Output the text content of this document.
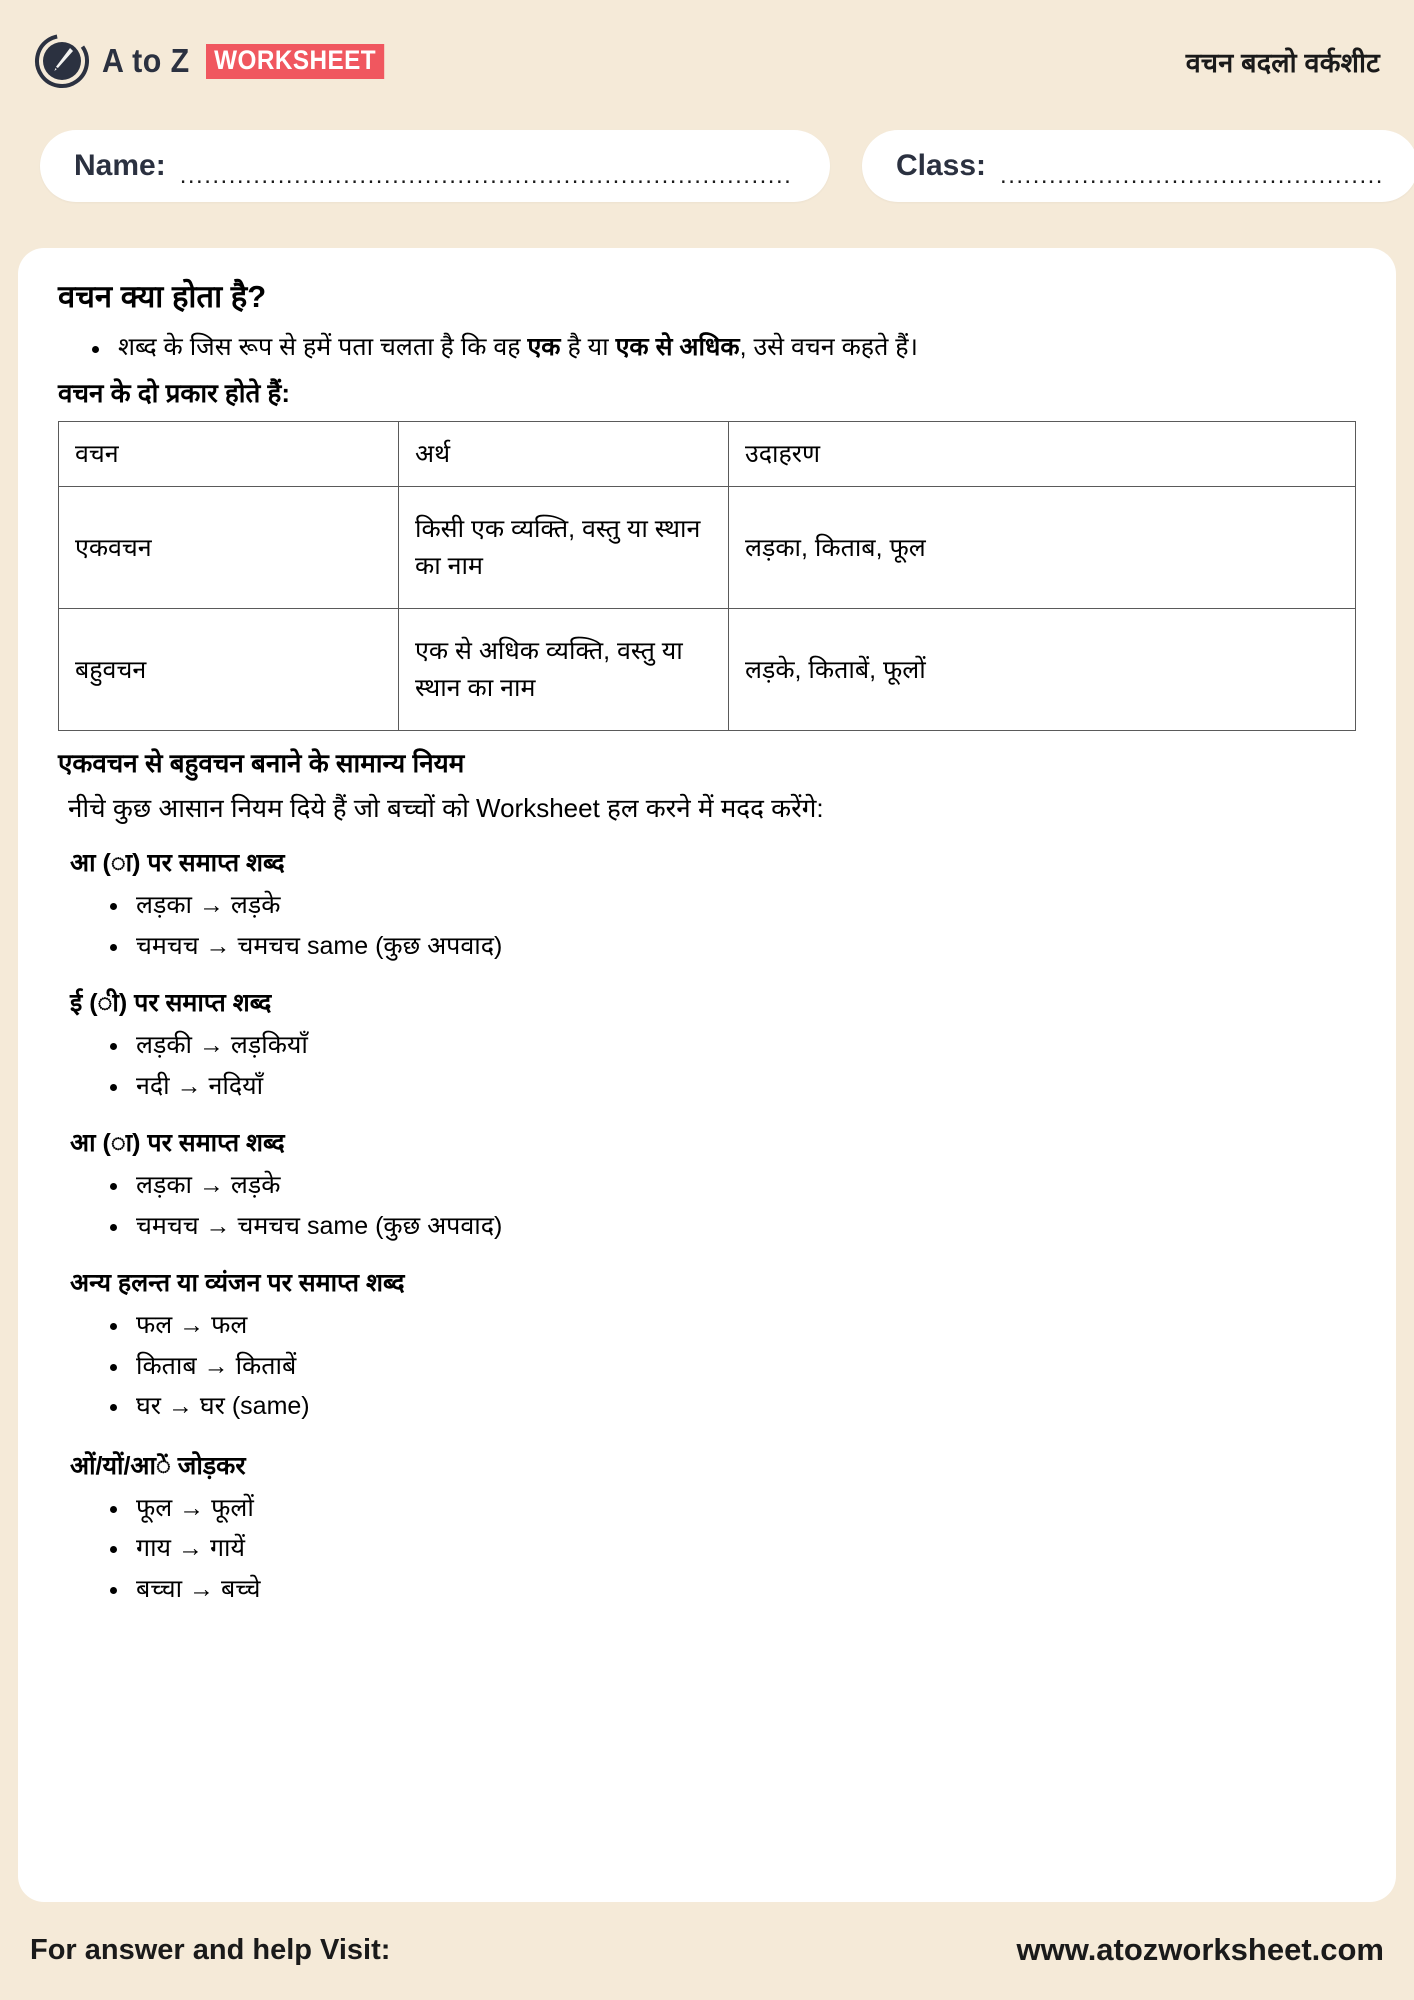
A to Z WORKSHEET	वचन बदलो वर्कशीट
Name: ...........................................................................	Class: ...............................................
वचन क्या होता है?
शब्द के जिस रूप से हमें पता चलता है कि वह एक है या एक से अधिक, उसे वचन कहते हैं।
वचन के दो प्रकार होते हैं:
वचन	अर्थ	उदाहरण
एकवचन	किसी एक व्यक्ति, वस्तु या स्थान का नाम	लड़का, किताब, फूल
बहुवचन	एक से अधिक व्यक्ति, वस्तु या स्थान का नाम	लड़के, किताबें, फूलों
एकवचन से बहुवचन बनाने के सामान्य नियम
नीचे कुछ आसान नियम दिये हैं जो बच्चों को Worksheet हल करने में मदद करेंगे:
आ (◌ा) पर समाप्त शब्द
लड़का → लड़के
चमचच → चमचच same (कुछ अपवाद)
ई (◌ी) पर समाप्त शब्द
लड़की → लड़कियाँ
नदी → नदियाँ
आ (◌ा) पर समाप्त शब्द
लड़का → लड़के
चमचच → चमचच same (कुछ अपवाद)
अन्य हलन्त या व्यंजन पर समाप्त शब्द
फल → फल
किताब → किताबें
घर → घर (same)
ओं/यों/आ◌ें जोड़कर
फूल → फूलों
गाय → गायें
बच्चा → बच्चे
For answer and help Visit:	www.atozworksheet.com
